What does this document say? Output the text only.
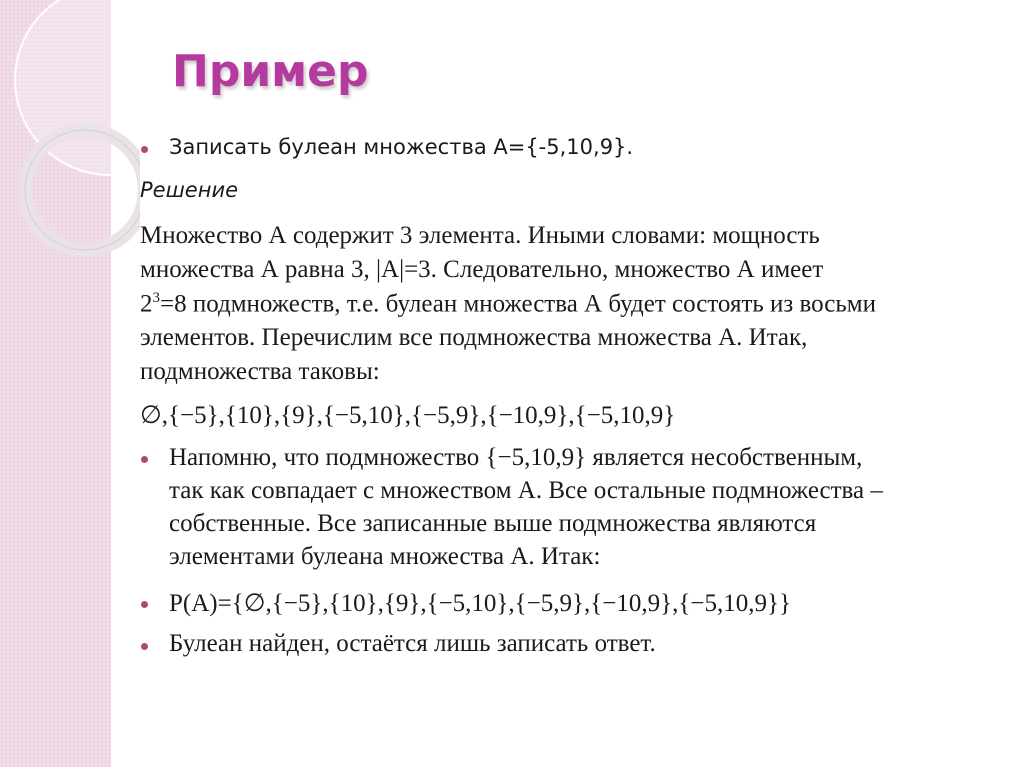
Пример
Записать булеан множества А={-5,10,9}.
Решение
Множество А содержит 3 элемента. Иными словами: мощность
множества А равна 3, |А|=3. Следовательно, множество А имеет
$2^3=8$ подмножеств, т.е. булеан множества А будет состоять из восьми
элементов. Перечислим все подмножества множества А. Итак,
подмножества таковы:
∅,{−5},{10},{9},{−5,10},{−5,9},{−10,9},{−5,10,9}
Напомню, что подмножество {−5,10,9} является несобственным,
так как совпадает с множеством А. Все остальные подмножества –
собственные. Все записанные выше подмножества являются
элементами булеана множества А. Итак:
P(A)={∅,{−5},{10},{9},{−5,10},{−5,9},{−10,9},{−5,10,9}}
Булеан найден, остаётся лишь записать ответ.
